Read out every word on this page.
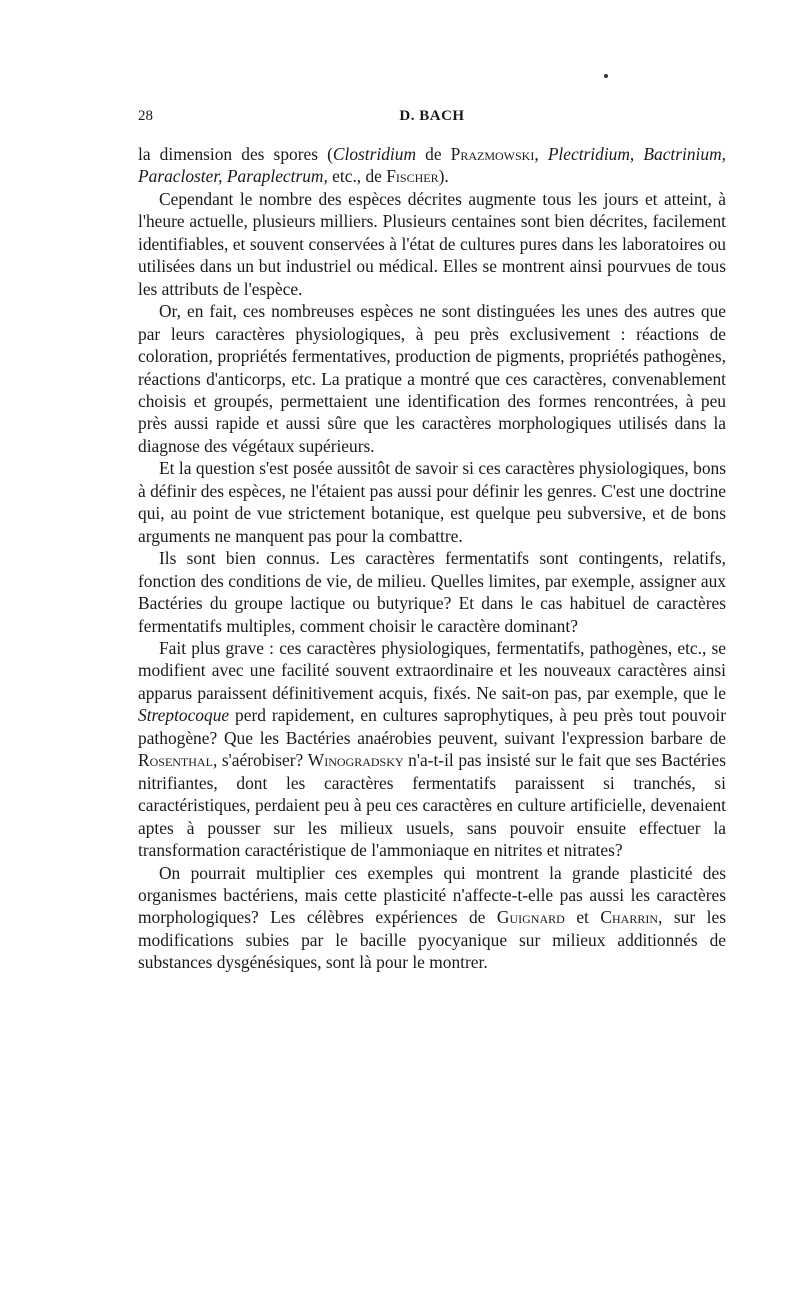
28	D. BACH

la dimension des spores (Clostridium de Prazmowski, Plectridium, Bactrinium, Paracloster, Paraplectrum, etc., de Fischer).

Cependant le nombre des espèces décrites augmente tous les jours et atteint, à l'heure actuelle, plusieurs milliers. Plusieurs centaines sont bien décrites, facilement identifiables, et souvent conservées à l'état de cultures pures dans les laboratoires ou utilisées dans un but industriel ou médical. Elles se montrent ainsi pourvues de tous les attributs de l'espèce.

Or, en fait, ces nombreuses espèces ne sont distinguées les unes des autres que par leurs caractères physiologiques, à peu près exclusivement : réactions de coloration, propriétés fermentatives, production de pigments, propriétés pathogènes, réactions d'anticorps, etc. La pratique a montré que ces caractères, convenablement choisis et groupés, permettaient une identification des formes rencontrées, à peu près aussi rapide et aussi sûre que les caractères morphologiques utilisés dans la diagnose des végétaux supérieurs.

Et la question s'est posée aussitôt de savoir si ces caractères physiologiques, bons à définir des espèces, ne l'étaient pas aussi pour définir les genres. C'est une doctrine qui, au point de vue strictement botanique, est quelque peu subversive, et de bons arguments ne manquent pas pour la combattre.

Ils sont bien connus. Les caractères fermentatifs sont contingents, relatifs, fonction des conditions de vie, de milieu. Quelles limites, par exemple, assigner aux Bactéries du groupe lactique ou butyrique? Et dans le cas habituel de caractères fermentatifs multiples, comment choisir le caractère dominant?

Fait plus grave : ces caractères physiologiques, fermentatifs, pathogènes, etc., se modifient avec une facilité souvent extraordinaire et les nouveaux caractères ainsi apparus paraissent définitivement acquis, fixés. Ne sait-on pas, par exemple, que le Streptocoque perd rapidement, en cultures saprophytiques, à peu près tout pouvoir pathogène? Que les Bactéries anaérobies peuvent, suivant l'expression barbare de Rosenthal, s'aérobiser? Winogradsky n'a-t-il pas insisté sur le fait que ses Bactéries nitrifiantes, dont les caractères fermentatifs paraissent si tranchés, si caractéristiques, perdaient peu à peu ces caractères en culture artificielle, devenaient aptes à pousser sur les milieux usuels, sans pouvoir ensuite effectuer la transformation caractéristique de l'ammoniaque en nitrites et nitrates?

On pourrait multiplier ces exemples qui montrent la grande plasticité des organismes bactériens, mais cette plasticité n'affecte-t-elle pas aussi les caractères morphologiques? Les célèbres expériences de Guignard et Charrin, sur les modifications subies par le bacille pyocyanique sur milieux additionnés de substances dysgénésiques, sont là pour le montrer.
